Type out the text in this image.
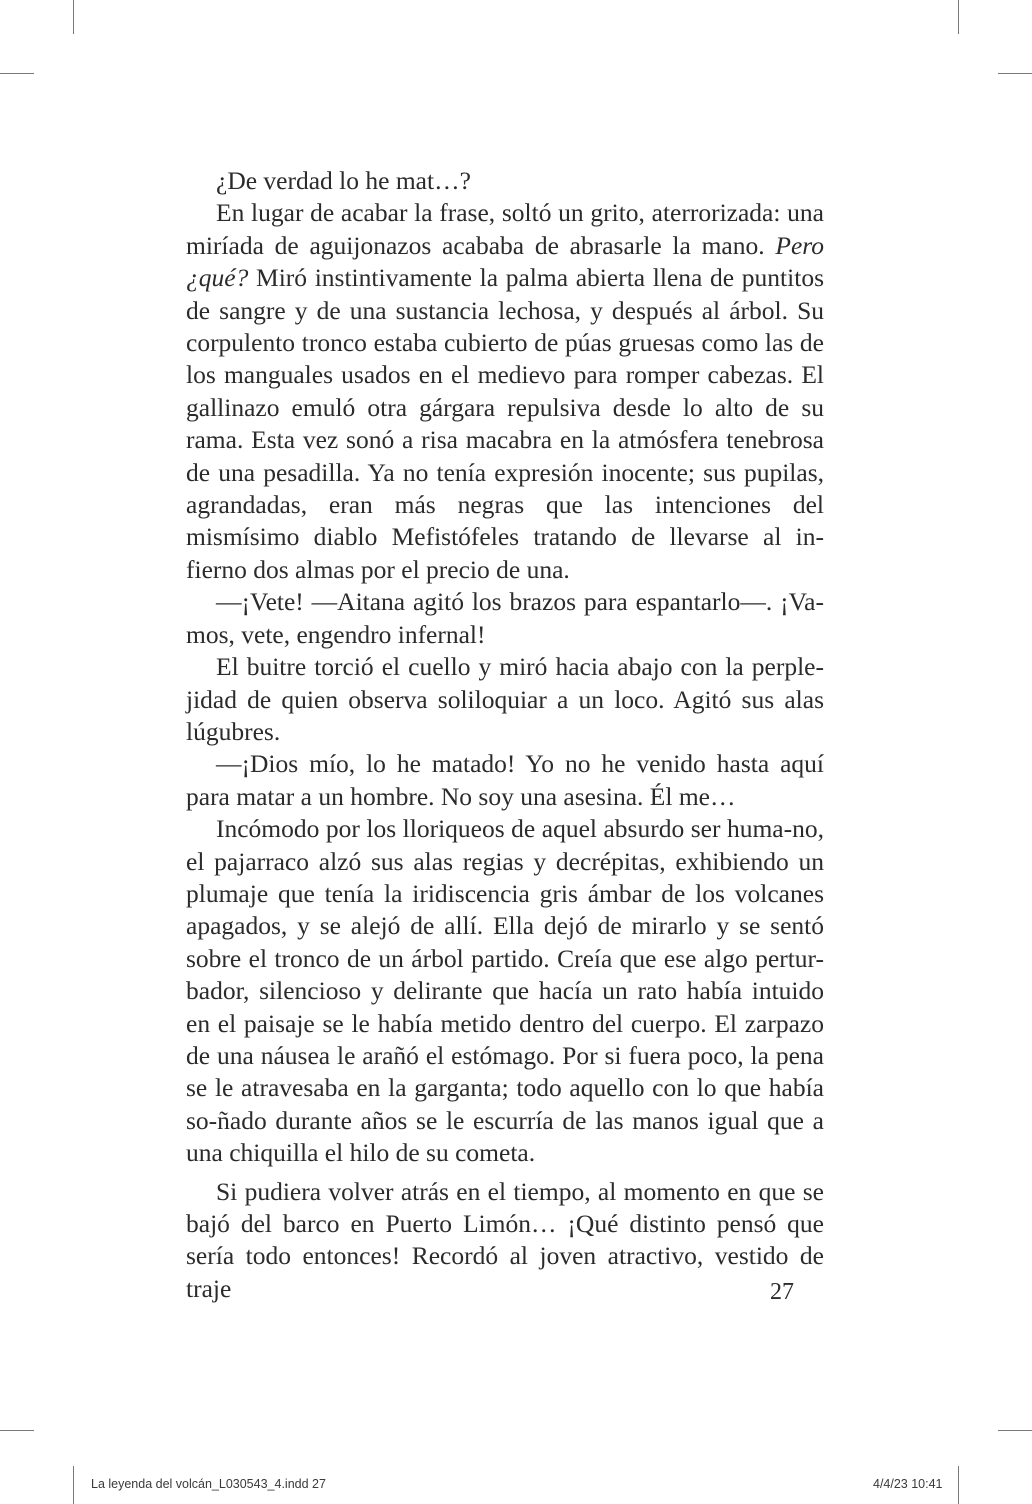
¿De verdad lo he mat…?

En lugar de acabar la frase, soltó un grito, aterrorizada: una miríada de aguijonazos acababa de abrasarle la mano. Pero ¿qué? Miró instintivamente la palma abierta llena de puntitos de sangre y de una sustancia lechosa, y después al árbol. Su corpulento tronco estaba cubierto de púas gruesas como las de los manguales usados en el medievo para romper cabezas. El gallinazo emuló otra gárgara repulsiva desde lo alto de su rama. Esta vez sonó a risa macabra en la atmósfera tenebrosa de una pesadilla. Ya no tenía expresión inocente; sus pupilas, agrandadas, eran más negras que las intenciones del mismísimo diablo Mefistófeles tratando de llevarse al in-fierno dos almas por el precio de una.

—¡Vete! —Aitana agitó los brazos para espantarlo—. ¡Va-mos, vete, engendro infernal!

El buitre torció el cuello y miró hacia abajo con la perple-jidad de quien observa soliloquiar a un loco. Agitó sus alas lúgubres.

—¡Dios mío, lo he matado! Yo no he venido hasta aquí para matar a un hombre. No soy una asesina. Él me…

Incómodo por los lloriqueos de aquel absurdo ser huma-no, el pajarraco alzó sus alas regias y decrépitas, exhibiendo un plumaje que tenía la iridiscencia gris ámbar de los volcanes apagados, y se alejó de allí. Ella dejó de mirarlo y se sentó sobre el tronco de un árbol partido. Creía que ese algo pertur-bador, silencioso y delirante que hacía un rato había intuido en el paisaje se le había metido dentro del cuerpo. El zarpazo de una náusea le arañó el estómago. Por si fuera poco, la pena se le atravesaba en la garganta; todo aquello con lo que había so-ñado durante años se le escurría de las manos igual que a una chiquilla el hilo de su cometa.

Si pudiera volver atrás en el tiempo, al momento en que se bajó del barco en Puerto Limón… ¡Qué distinto pensó que sería todo entonces! Recordó al joven atractivo, vestido de traje	27
La leyenda del volcán_L030543_4.indd 27	4/4/23 10:41
